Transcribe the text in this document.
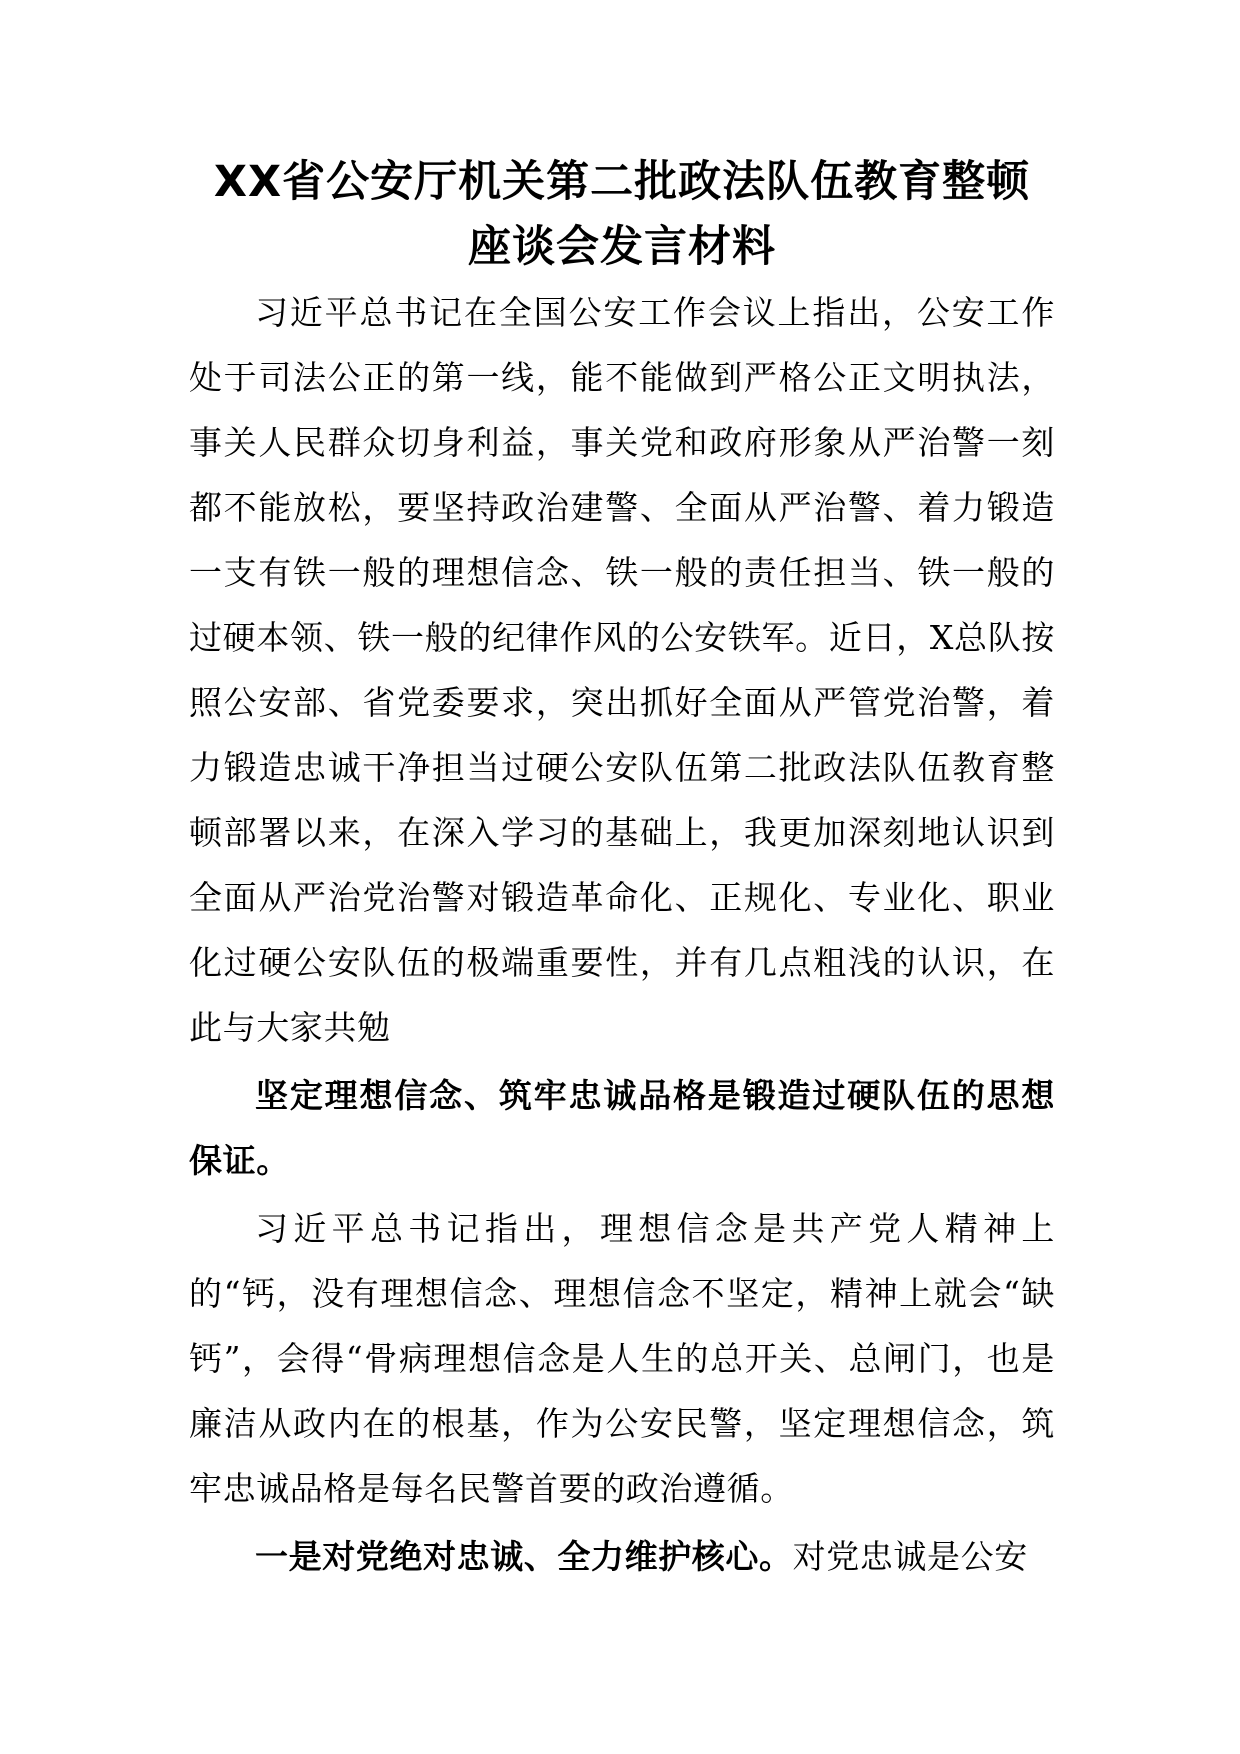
XX省公安厅机关第二批政法队伍教育整顿
座谈会发言材料

习近平总书记在全国公安工作会议上指出，公安工作处于司法公正的第一线，能不能做到严格公正文明执法，事关人民群众切身利益，事关党和政府形象从严治警一刻都不能放松，要坚持政治建警、全面从严治警、着力锻造一支有铁一般的理想信念、铁一般的责任担当、铁一般的过硬本领、铁一般的纪律作风的公安铁军。近日，X总队按照公安部、省党委要求，突出抓好全面从严管党治警，着力锻造忠诚干净担当过硬公安队伍第二批政法队伍教育整顿部署以来，在深入学习的基础上，我更加深刻地认识到全面从严治党治警对锻造革命化、正规化、专业化、职业化过硬公安队伍的极端重要性，并有几点粗浅的认识，在此与大家共勉

坚定理想信念、筑牢忠诚品格是锻造过硬队伍的思想保证。

习近平总书记指出，理想信念是共产党人精神上的“钙，没有理想信念、理想信念不坚定，精神上就会“缺钙”，会得“骨病理想信念是人生的总开关、总闸门，也是廉洁从政内在的根基，作为公安民警，坚定理想信念，筑牢忠诚品格是每名民警首要的政治遵循。

一是对党绝对忠诚、全力维护核心。对党忠诚是公安
